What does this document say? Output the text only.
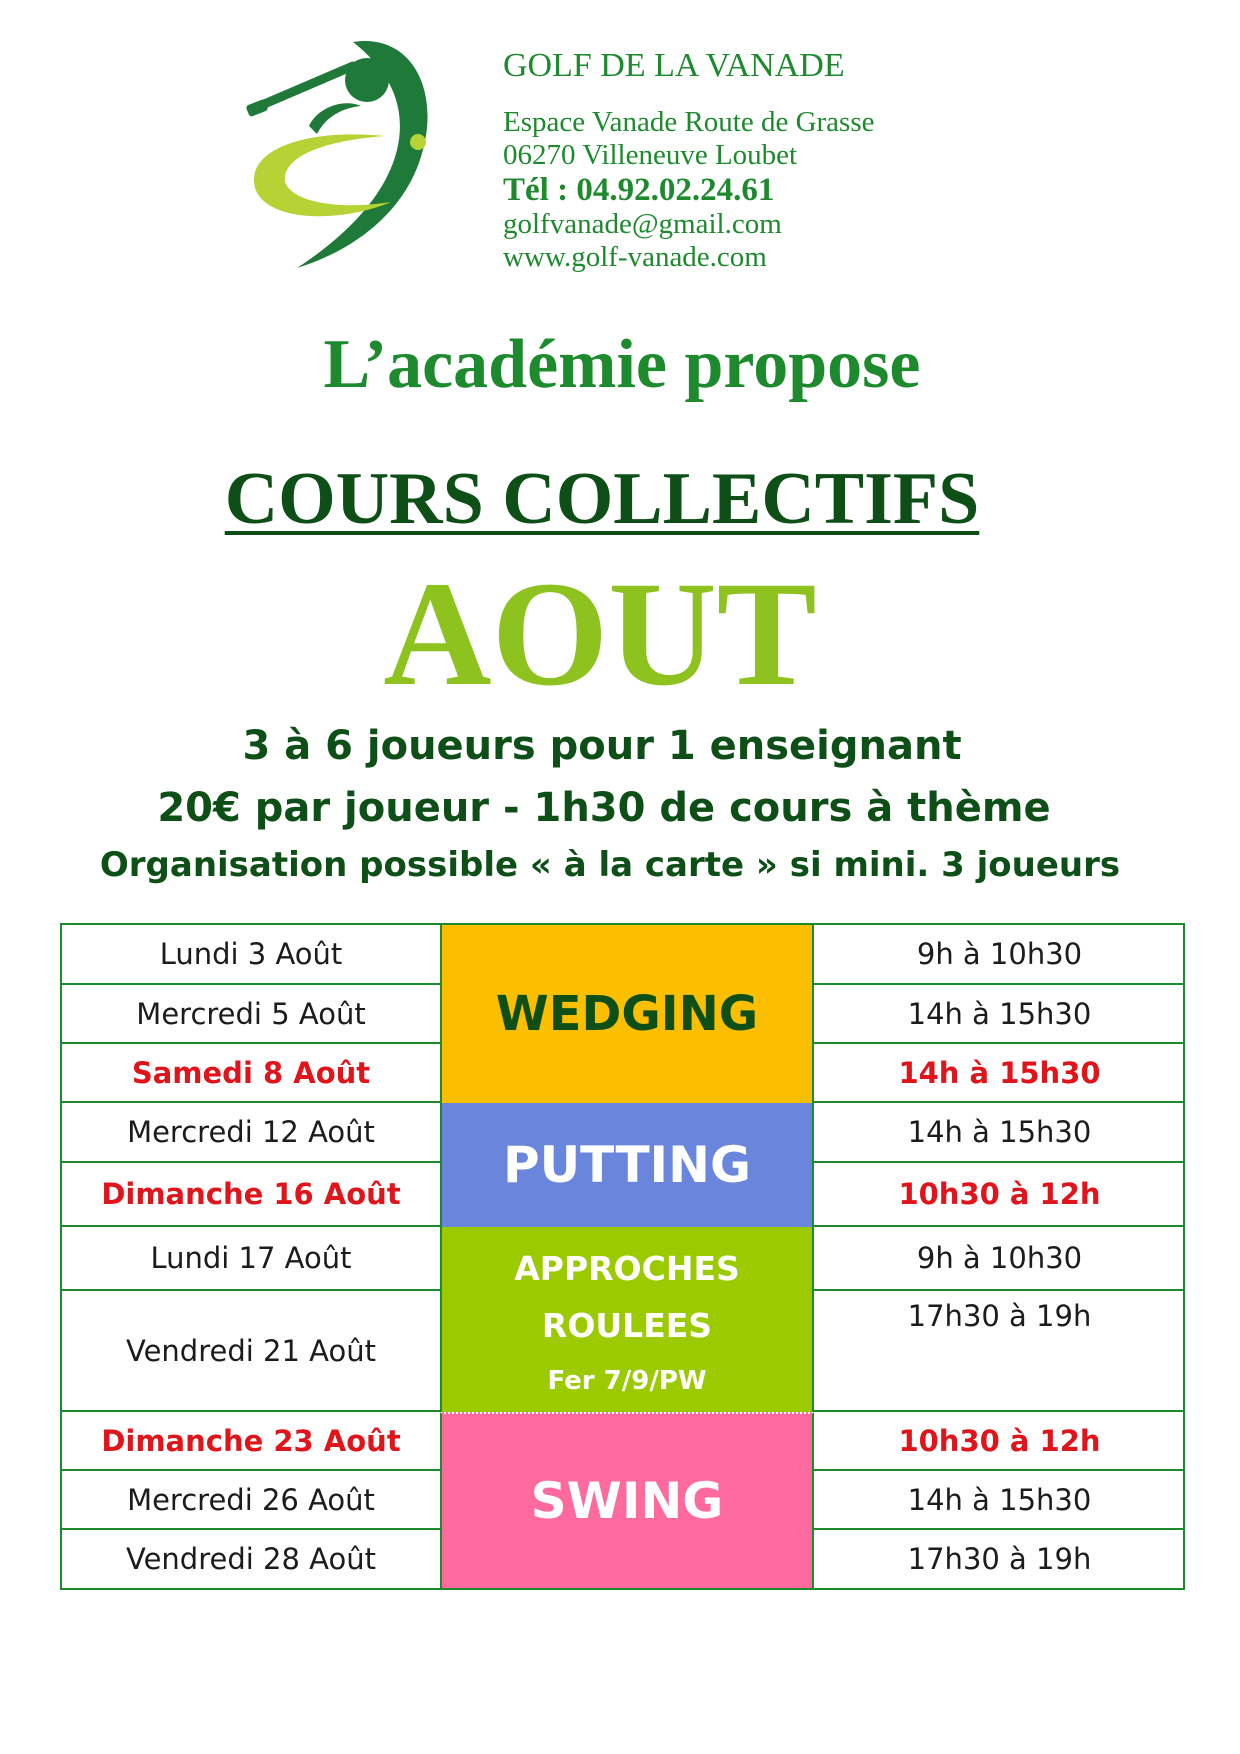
GOLF DE LA VANADE
Espace Vanade Route de Grasse
06270 Villeneuve Loubet
Tél : 04.92.02.24.61
golfvanade@gmail.com
www.golf-vanade.com
L’académie propose
COURS COLLECTIFS
AOUT
3 à 6 joueurs pour 1 enseignant
20€ par joueur - 1h30 de cours à thème
Organisation possible « à la carte » si mini. 3 joueurs
Lundi 3 Août
Mercredi 5 Août
Samedi 8 Août
Mercredi 12 Août
Dimanche 16 Août
Lundi 17 Août
Vendredi 21 Août
Dimanche 23 Août
Mercredi 26 Août
Vendredi 28 Août
WEDGING
PUTTING
APPROCHES
ROULEES
Fer 7/9/PW
SWING
9h à 10h30
14h à 15h30
14h à 15h30
14h à 15h30
10h30 à 12h
9h à 10h30
17h30 à 19h
10h30 à 12h
14h à 15h30
17h30 à 19h
